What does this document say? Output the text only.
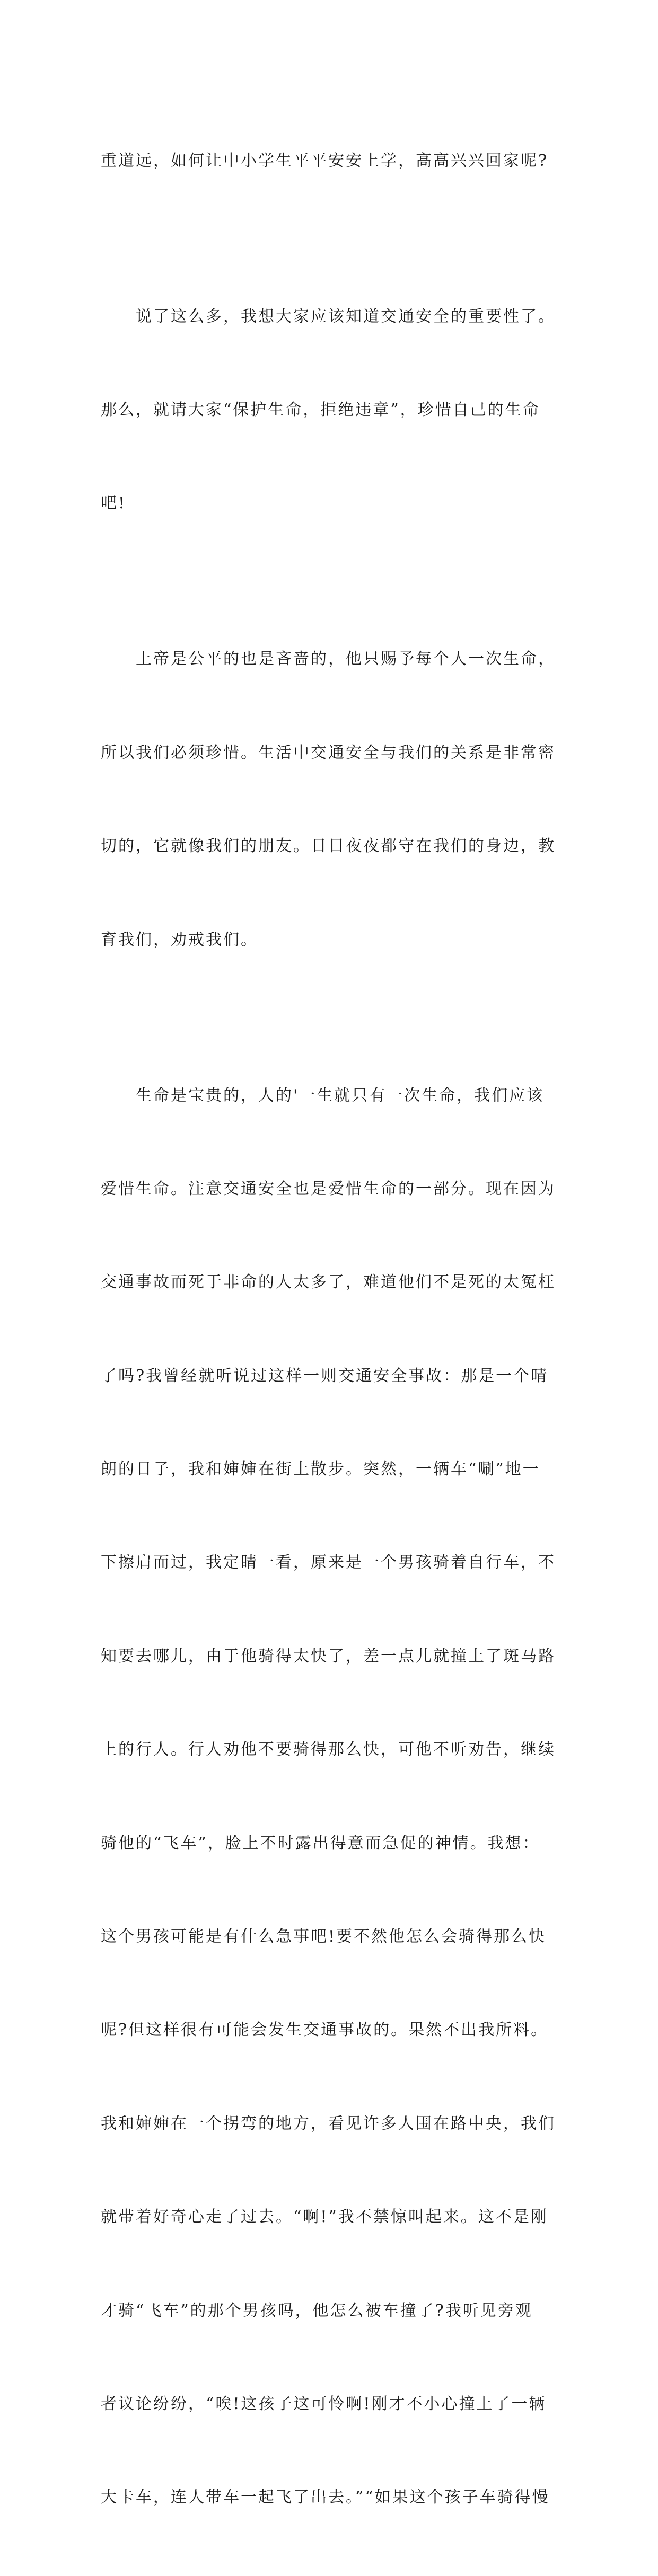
重道远，如何让中小学生平平安安上学，高高兴兴回家呢?

　　说了这么多，我想大家应该知道交通安全的重要性了。

那么，就请大家“保护生命，拒绝违章”，珍惜自己的生命

吧!

　　上帝是公平的也是吝啬的，他只赐予每个人一次生命，

所以我们必须珍惜。生活中交通安全与我们的关系是非常密

切的，它就像我们的朋友。日日夜夜都守在我们的身边，教

育我们，劝戒我们。

　　生命是宝贵的，人的'一生就只有一次生命，我们应该

爱惜生命。注意交通安全也是爱惜生命的一部分。现在因为

交通事故而死于非命的人太多了，难道他们不是死的太冤枉

了吗?我曾经就听说过这样一则交通安全事故：那是一个晴

朗的日子，我和婶婶在街上散步。突然，一辆车“唰”地一

下擦肩而过，我定睛一看，原来是一个男孩骑着自行车，不

知要去哪儿，由于他骑得太快了，差一点儿就撞上了斑马路

上的行人。行人劝他不要骑得那么快，可他不听劝告，继续

骑他的“飞车”，脸上不时露出得意而急促的神情。我想：

这个男孩可能是有什么急事吧!要不然他怎么会骑得那么快

呢?但这样很有可能会发生交通事故的。果然不出我所料。

我和婶婶在一个拐弯的地方，看见许多人围在路中央，我们

就带着好奇心走了过去。“啊!”我不禁惊叫起来。这不是刚

才骑“飞车”的那个男孩吗，他怎么被车撞了?我听见旁观

者议论纷纷，“唉!这孩子这可怜啊!刚才不小心撞上了一辆

大卡车，连人带车一起飞了出去。”“如果这个孩子车骑得慢
